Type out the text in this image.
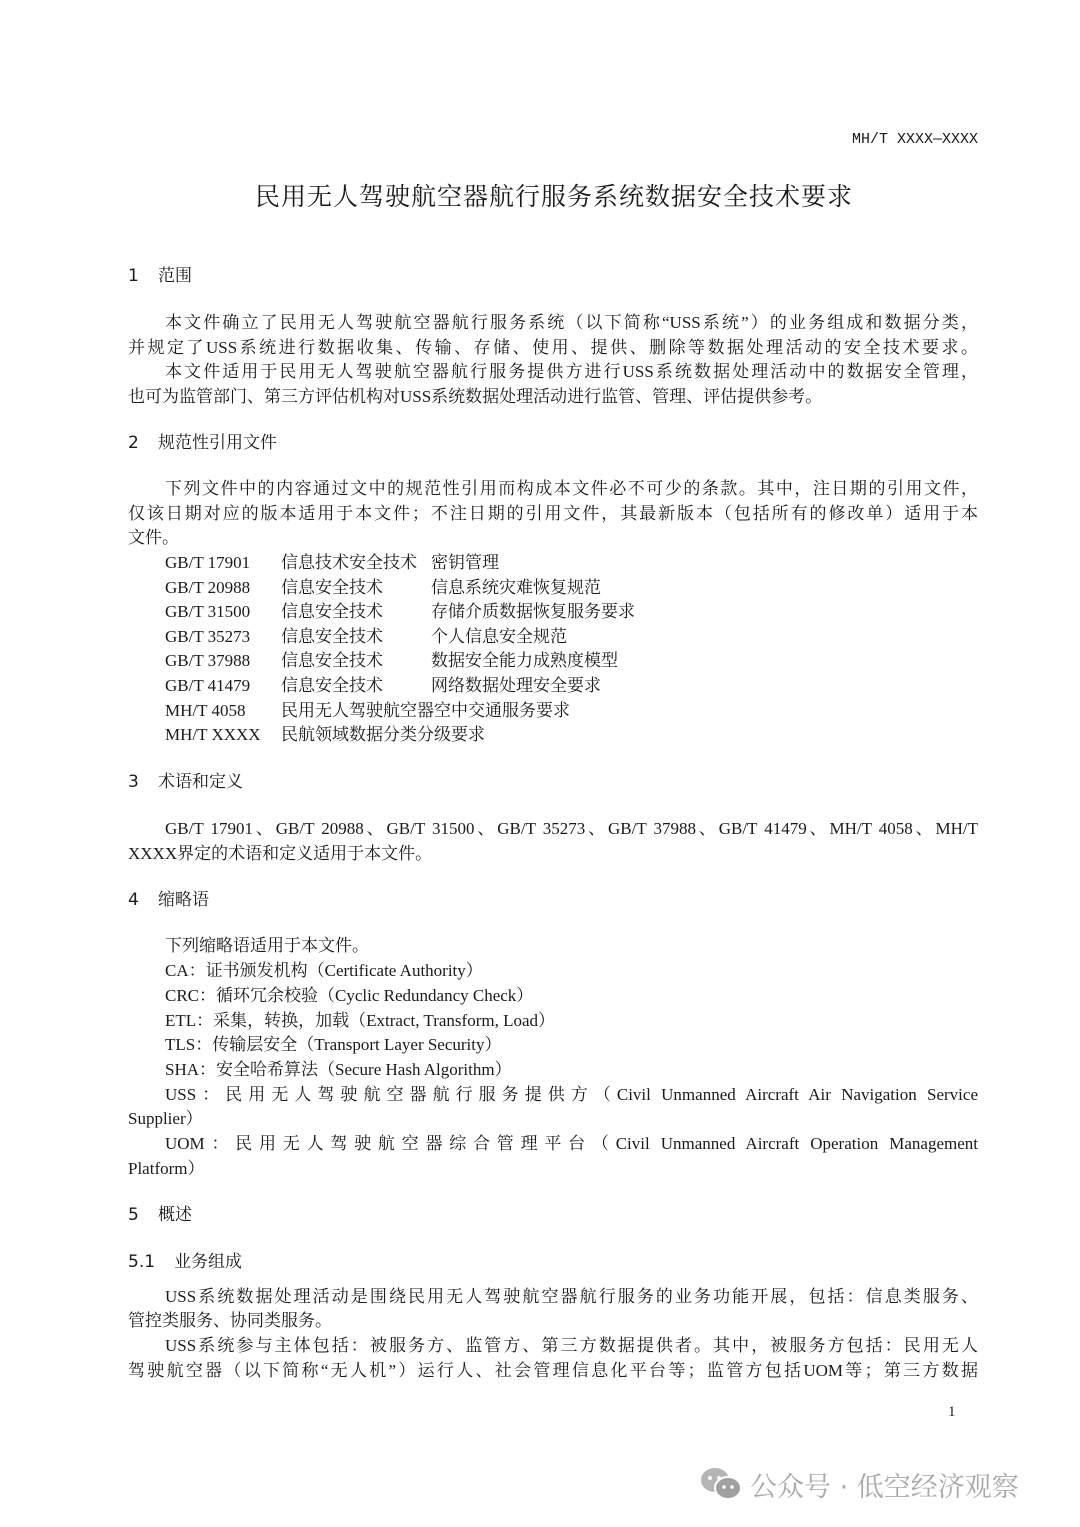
MH/T XXXX—XXXX
民用无人驾驶航空器航行服务系统数据安全技术要求
1 范围
本文件确立了民用无人驾驶航空器航行服务系统（以下简称“USS系统”）的业务组成和数据分类，
并规定了USS系统进行数据收集、传输、存储、使用、提供、删除等数据处理活动的安全技术要求。
本文件适用于民用无人驾驶航空器航行服务提供方进行USS系统数据处理活动中的数据安全管理，
也可为监管部门、第三方评估机构对USS系统数据处理活动进行监管、管理、评估提供参考。
2 规范性引用文件
下列文件中的内容通过文中的规范性引用而构成本文件必不可少的条款。其中，注日期的引用文件，
仅该日期对应的版本适用于本文件；不注日期的引用文件，其最新版本（包括所有的修改单）适用于本
文件。
GB/T 17901 信息技术安全技术 密钥管理
GB/T 20988 信息安全技术	信息系统灾难恢复规范
GB/T 31500 信息安全技术	存储介质数据恢复服务要求
GB/T 35273 信息安全技术	个人信息安全规范
GB/T 37988 信息安全技术	数据安全能力成熟度模型
GB/T 41479 信息安全技术	网络数据处理安全要求
MH/T 4058 民用无人驾驶航空器空中交通服务要求
MH/T XXXX 民航领域数据分类分级要求
3 术语和定义
GB/T 17901、GB/T 20988、GB/T 31500、GB/T 35273、GB/T 37988、GB/T 41479、MH/T 4058、MH/T
XXXX界定的术语和定义适用于本文件。
4 缩略语
下列缩略语适用于本文件。
CA：证书颁发机构（Certificate Authority）
CRC：循环冗余校验（Cyclic Redundancy Check）
ETL：采集，转换，加载（Extract, Transform, Load）
TLS：传输层安全（Transport Layer Security）
SHA：安全哈希算法（Secure Hash Algorithm）
USS：民用无人驾驶航空器航行服务提供方（Civil Unmanned Aircraft Air Navigation Service
Supplier）
UOM：民用无人驾驶航空器综合管理平台（Civil Unmanned Aircraft Operation Management
Platform）
5 概述
5.1 业务组成
USS系统数据处理活动是围绕民用无人驾驶航空器航行服务的业务功能开展，包括：信息类服务、
管控类服务、协同类服务。
USS系统参与主体包括：被服务方、监管方、第三方数据提供者。其中，被服务方包括：民用无人
驾驶航空器（以下简称“无人机”）运行人、社会管理信息化平台等；监管方包括UOM等；第三方数据
1
公众号 · 低空经济观察
